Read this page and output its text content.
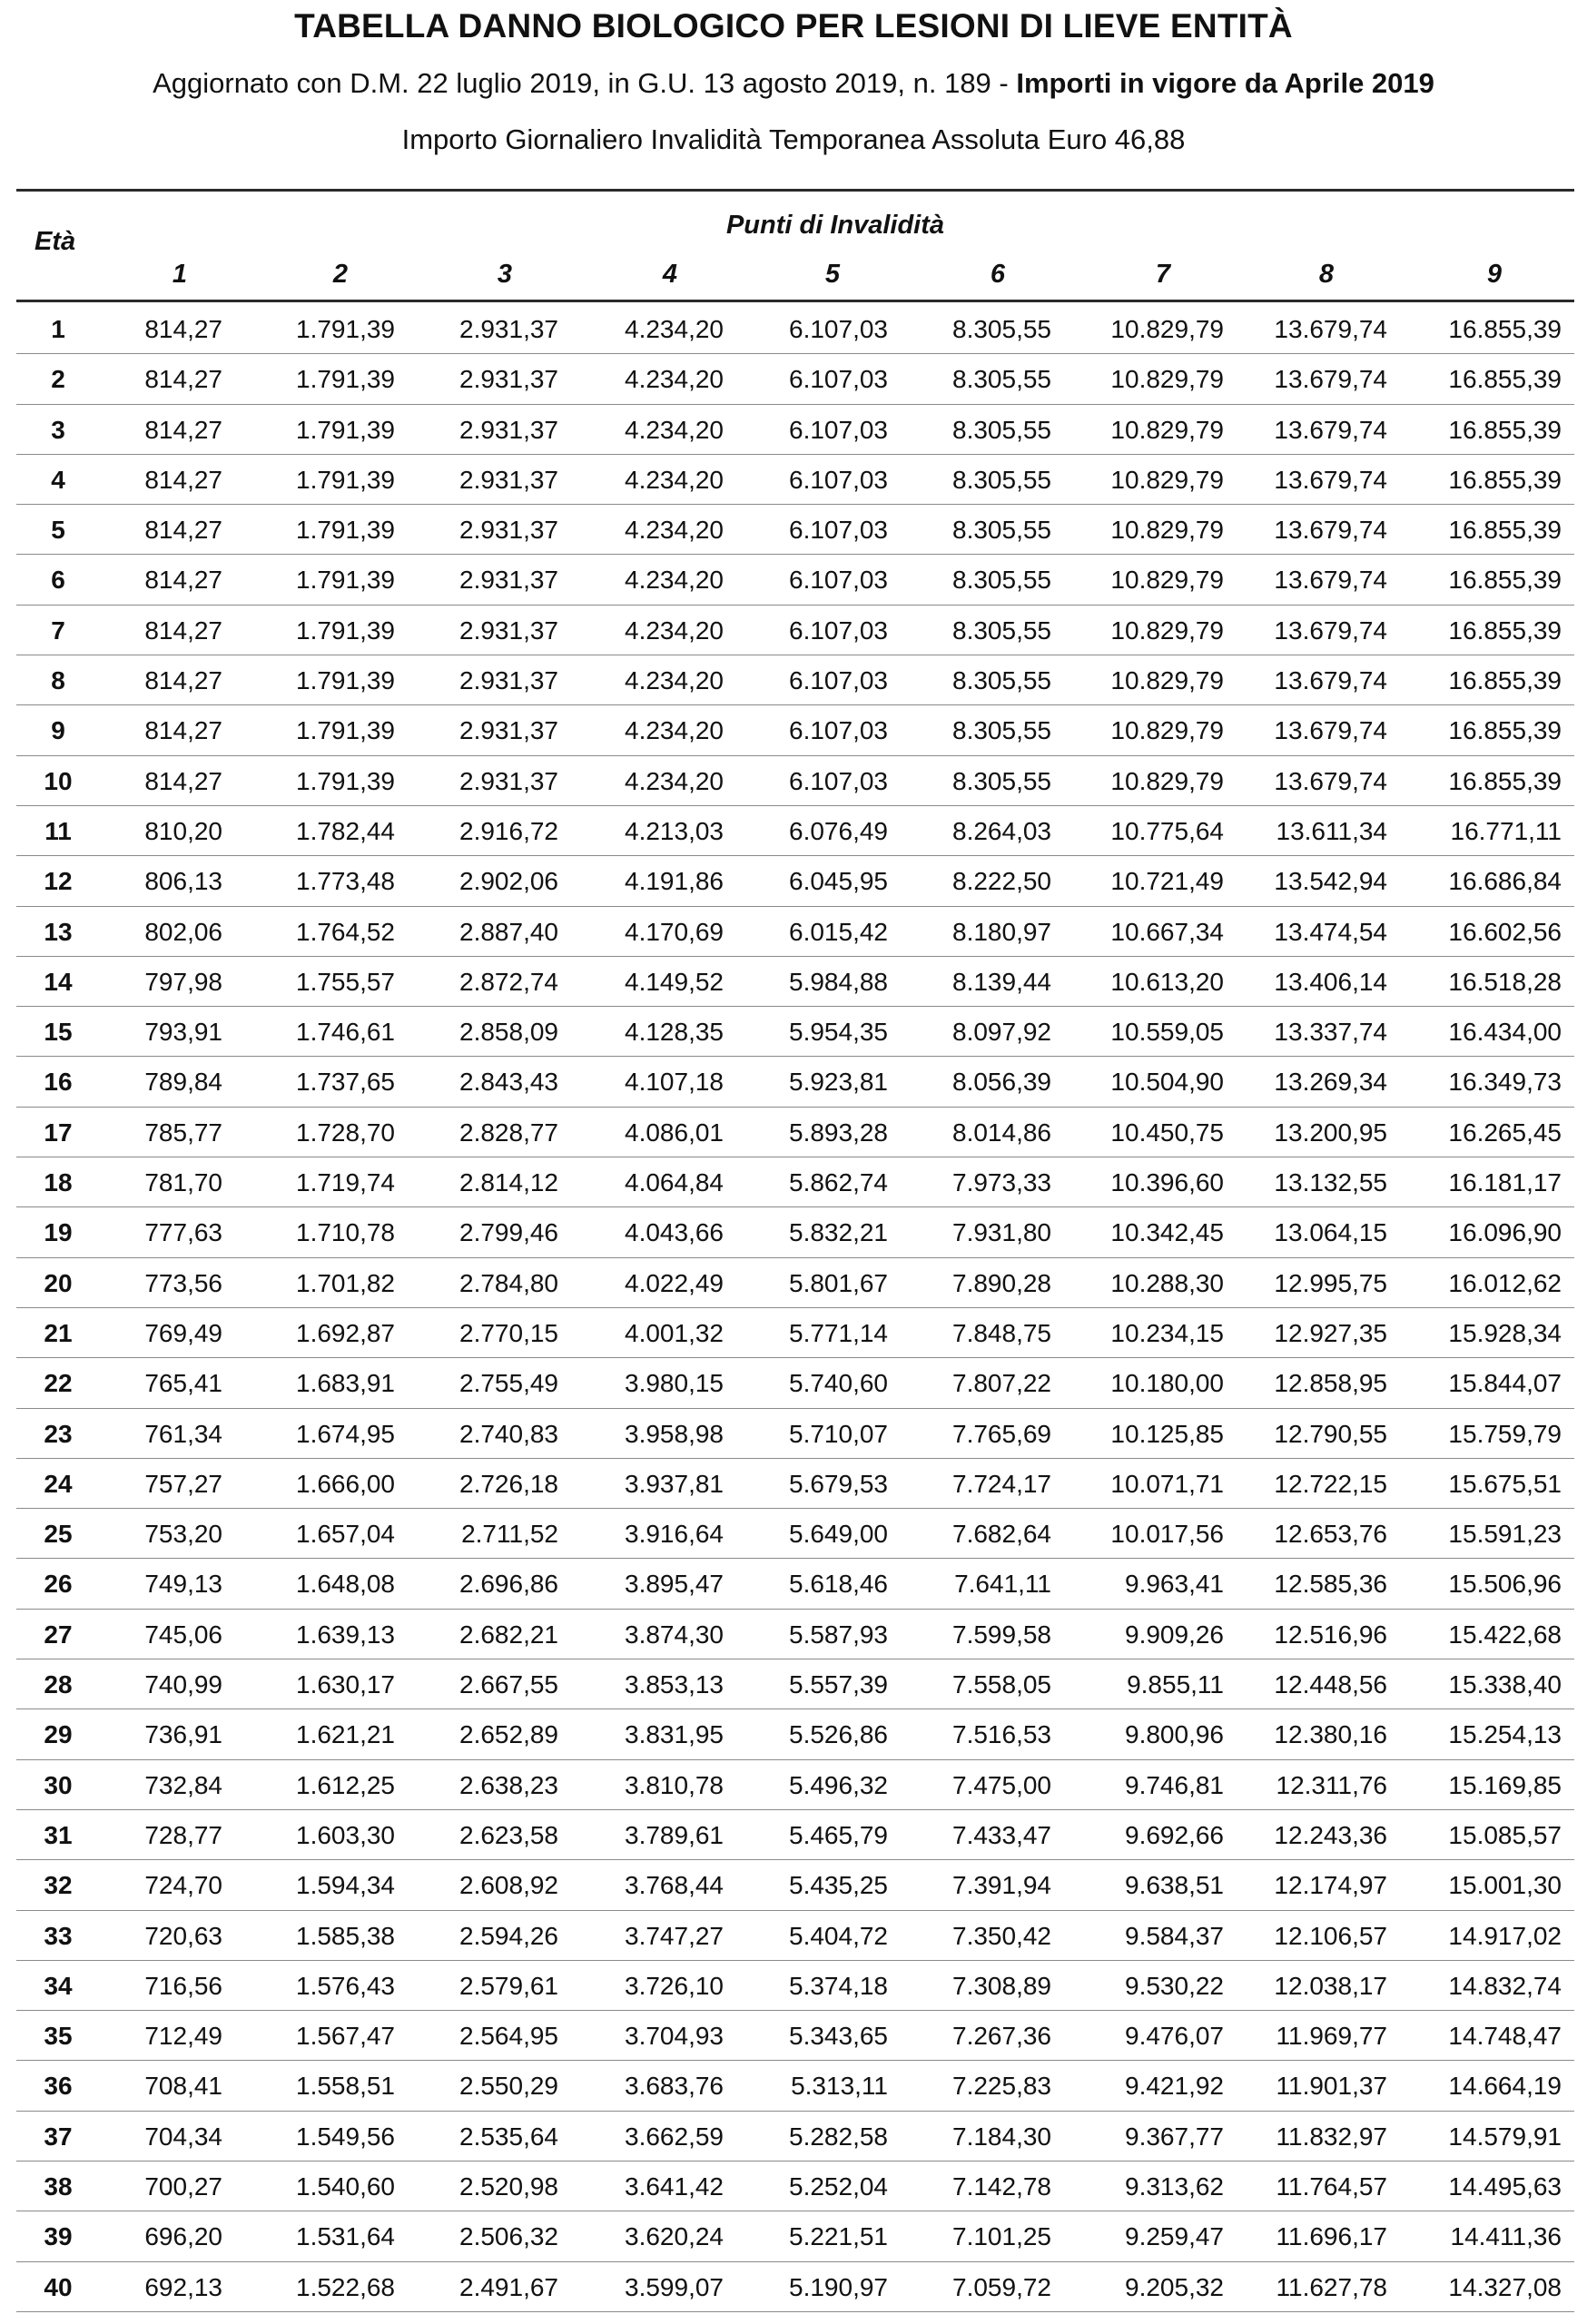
TABELLA DANNO BIOLOGICO PER LESIONI DI LIEVE ENTITÀ
Aggiornato con D.M. 22 luglio 2019, in G.U. 13 agosto 2019, n. 189 - Importi in vigore da Aprile 2019
Importo Giornaliero Invalidità Temporanea Assoluta Euro 46,88
Età
Punti di Invalidità
1	2	3	4	5	6	7	8	9
1	814,27	1.791,39	2.931,37	4.234,20	6.107,03	8.305,55 10.829,79 13.679,74 16.855,39
2	814,27	1.791,39	2.931,37	4.234,20	6.107,03	8.305,55 10.829,79 13.679,74 16.855,39
3	814,27	1.791,39	2.931,37	4.234,20	6.107,03	8.305,55 10.829,79 13.679,74 16.855,39
4	814,27	1.791,39	2.931,37	4.234,20	6.107,03	8.305,55 10.829,79 13.679,74 16.855,39
5	814,27	1.791,39	2.931,37	4.234,20	6.107,03	8.305,55 10.829,79 13.679,74 16.855,39
6	814,27	1.791,39	2.931,37	4.234,20	6.107,03	8.305,55 10.829,79 13.679,74 16.855,39
7	814,27	1.791,39	2.931,37	4.234,20	6.107,03	8.305,55 10.829,79 13.679,74 16.855,39
8	814,27	1.791,39	2.931,37	4.234,20	6.107,03	8.305,55 10.829,79 13.679,74 16.855,39
9	814,27	1.791,39	2.931,37	4.234,20	6.107,03	8.305,55 10.829,79 13.679,74 16.855,39
10	814,27	1.791,39	2.931,37	4.234,20	6.107,03	8.305,55 10.829,79 13.679,74 16.855,39
11	810,20	1.782,44	2.916,72	4.213,03	6.076,49	8.264,03 10.775,64 13.611,34 16.771,11
12	806,13	1.773,48	2.902,06	4.191,86	6.045,95	8.222,50 10.721,49 13.542,94 16.686,84
13	802,06	1.764,52	2.887,40	4.170,69	6.015,42	8.180,97 10.667,34 13.474,54 16.602,56
14	797,98	1.755,57	2.872,74	4.149,52	5.984,88	8.139,44 10.613,20 13.406,14 16.518,28
15	793,91	1.746,61	2.858,09	4.128,35	5.954,35	8.097,92 10.559,05 13.337,74 16.434,00
16	789,84	1.737,65	2.843,43	4.107,18	5.923,81	8.056,39 10.504,90 13.269,34 16.349,73
17	785,77	1.728,70	2.828,77	4.086,01	5.893,28	8.014,86 10.450,75 13.200,95 16.265,45
18	781,70	1.719,74	2.814,12	4.064,84	5.862,74	7.973,33 10.396,60 13.132,55 16.181,17
19	777,63	1.710,78	2.799,46	4.043,66	5.832,21	7.931,80 10.342,45 13.064,15 16.096,90
20	773,56	1.701,82	2.784,80	4.022,49	5.801,67	7.890,28 10.288,30 12.995,75 16.012,62
21	769,49	1.692,87	2.770,15	4.001,32	5.771,14	7.848,75 10.234,15 12.927,35 15.928,34
22	765,41	1.683,91	2.755,49	3.980,15	5.740,60	7.807,22 10.180,00 12.858,95 15.844,07
23	761,34	1.674,95	2.740,83	3.958,98	5.710,07	7.765,69 10.125,85 12.790,55 15.759,79
24	757,27	1.666,00	2.726,18	3.937,81	5.679,53	7.724,17 10.071,71 12.722,15 15.675,51
25	753,20	1.657,04	2.711,52	3.916,64	5.649,00	7.682,64 10.017,56 12.653,76 15.591,23
26	749,13	1.648,08	2.696,86	3.895,47	5.618,46	7.641,11	9.963,41 12.585,36 15.506,96
27	745,06	1.639,13	2.682,21	3.874,30	5.587,93	7.599,58	9.909,26 12.516,96 15.422,68
28	740,99	1.630,17	2.667,55	3.853,13	5.557,39	7.558,05	9.855,11 12.448,56 15.338,40
29	736,91	1.621,21	2.652,89	3.831,95	5.526,86	7.516,53	9.800,96 12.380,16 15.254,13
30	732,84	1.612,25	2.638,23	3.810,78	5.496,32	7.475,00	9.746,81 12.311,76 15.169,85
31	728,77	1.603,30	2.623,58	3.789,61	5.465,79	7.433,47	9.692,66 12.243,36 15.085,57
32	724,70	1.594,34	2.608,92	3.768,44	5.435,25	7.391,94	9.638,51 12.174,97 15.001,30
33	720,63	1.585,38	2.594,26	3.747,27	5.404,72	7.350,42	9.584,37 12.106,57 14.917,02
34	716,56	1.576,43	2.579,61	3.726,10	5.374,18	7.308,89	9.530,22 12.038,17 14.832,74
35	712,49	1.567,47	2.564,95	3.704,93	5.343,65	7.267,36	9.476,07 11.969,77 14.748,47
36	708,41	1.558,51	2.550,29	3.683,76	5.313,11	7.225,83	9.421,92 11.901,37 14.664,19
37	704,34	1.549,56	2.535,64	3.662,59	5.282,58	7.184,30	9.367,77 11.832,97 14.579,91
38	700,27	1.540,60	2.520,98	3.641,42	5.252,04	7.142,78	9.313,62 11.764,57 14.495,63
39	696,20	1.531,64	2.506,32	3.620,24	5.221,51	7.101,25	9.259,47 11.696,17 14.411,36
40	692,13	1.522,68	2.491,67	3.599,07	5.190,97	7.059,72	9.205,32 11.627,78 14.327,08
